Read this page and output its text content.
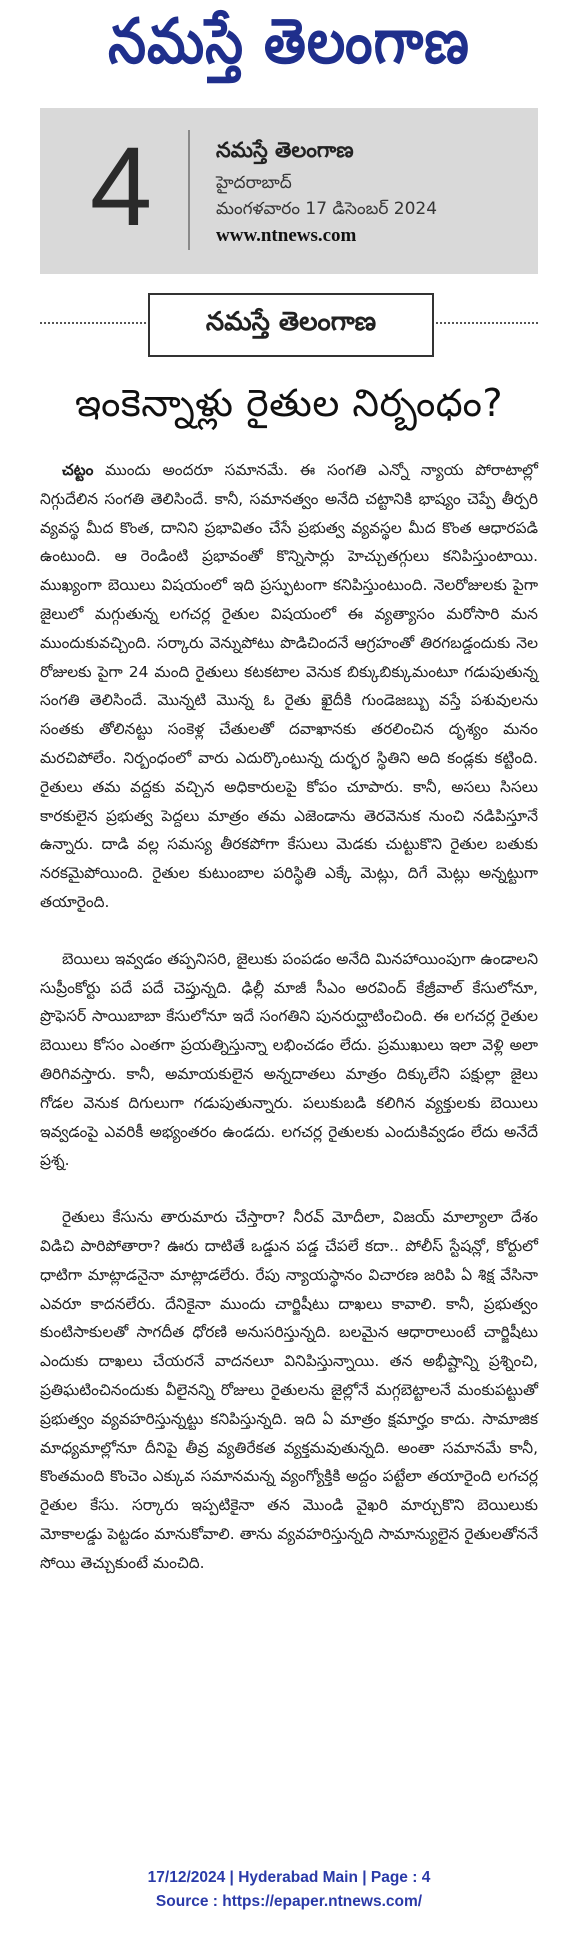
నమస్తే తెలంగాణ
4	నమస్తే తెలంగాణ
హైదరాబాద్
మంగళవారం 17 డిసెంబర్ 2024
www.ntnews.com
నమస్తే తెలంగాణ
ఇంకెన్నాళ్లు రైతుల నిర్బంధం?

చట్టం ముందు అందరూ సమానమే. ఈ సంగతి ఎన్నో న్యాయ పోరాటాల్లో నిగ్గుదేలిన సంగతి తెలిసిందే. కానీ, సమానత్వం అనేది చట్టానికి భాష్యం చెప్పే తీర్పరి వ్యవస్థ మీద కొంత, దానిని ప్రభావితం చేసే ప్రభుత్వ వ్యవస్థల మీద కొంత ఆధారపడి ఉంటుంది. ఆ రెండింటి ప్రభావంతో కొన్నిసార్లు హెచ్చుతగ్గులు కనిపిస్తుంటాయి. ముఖ్యంగా బెయిలు విషయంలో ఇది ప్రస్ఫుటంగా కనిపిస్తుంటుంది. నెలరోజులకు పైగా జైలులో మగ్గుతున్న లగచర్ల రైతుల విషయంలో ఈ వ్యత్యాసం మరోసారి మన ముందుకువచ్చింది. సర్కారు వెన్నుపోటు పొడిచిందనే ఆగ్రహంతో తిరగబడ్డందుకు నెల రోజులకు పైగా 24 మంది రైతులు కటకటాల వెనుక బిక్కుబిక్కుమంటూ గడుపుతున్న సంగతి తెలిసిందే. మొన్నటి మొన్న ఓ రైతు ఖైదీకి గుండెజబ్బు వస్తే పశువులను సంతకు తోలినట్టు సంకెళ్ల చేతులతో దవాఖానకు తరలించిన దృశ్యం మనం మరచిపోలేం. నిర్బంధంలో వారు ఎదుర్కొంటున్న దుర్భర స్థితిని అది కండ్లకు కట్టింది. రైతులు తమ వద్దకు వచ్చిన అధికారులపై కోపం చూపారు. కానీ, అసలు సిసలు కారకులైన ప్రభుత్వ పెద్దలు మాత్రం తమ ఎజెండాను తెరవెనుక నుంచి నడిపిస్తూనే ఉన్నారు. దాడి వల్ల సమస్య తీరకపోగా కేసులు మెడకు చుట్టుకొని రైతుల బతుకు నరకమైపోయింది. రైతుల కుటుంబాల పరిస్థితి ఎక్కే మెట్లు, దిగే మెట్లు అన్నట్టుగా తయారైంది.

బెయిలు ఇవ్వడం తప్పనిసరి, జైలుకు పంపడం అనేది మినహాయింపుగా ఉండాలని సుప్రీంకోర్టు పదే పదే చెప్తున్నది. ఢిల్లీ మాజీ సీఎం అరవింద్ కేజ్రీవాల్ కేసులోనూ, ప్రొఫెసర్ సాయిబాబా కేసులోనూ ఇదే సంగతిని పునరుద్ఘాటించింది. ఈ లగచర్ల రైతుల బెయిలు కోసం ఎంతగా ప్రయత్నిస్తున్నా లభించడం లేదు. ప్రముఖులు ఇలా వెళ్లి అలా తిరిగివస్తారు. కానీ, అమాయకులైన అన్నదాతలు మాత్రం దిక్కులేని పక్షుల్లా జైలు గోడల వెనుక దిగులుగా గడుపుతున్నారు. పలుకుబడి కలిగిన వ్యక్తులకు బెయిలు ఇవ్వడంపై ఎవరికీ అభ్యంతరం ఉండదు. లగచర్ల రైతులకు ఎందుకివ్వడం లేదు అనేదే ప్రశ్న.

రైతులు కేసును తారుమారు చేస్తారా? నీరవ్ మోదీలా, విజయ్ మాల్యాలా దేశం విడిచి పారిపోతారా? ఊరు దాటితే ఒడ్డున పడ్డ చేపలే కదా.. పోలీస్ స్టేషన్లో, కోర్టులో ధాటిగా మాట్లాడనైనా మాట్లాడలేరు. రేపు న్యాయస్థానం విచారణ జరిపి ఏ శిక్ష వేసినా ఎవరూ కాదనలేరు. దేనికైనా ముందు చార్జిషీటు దాఖలు కావాలి. కానీ, ప్రభుత్వం కుంటిసాకులతో సాగదీత ధోరణి అనుసరిస్తున్నది. బలమైన ఆధారాలుంటే చార్జిషీటు ఎందుకు దాఖలు చేయరనే వాదనలూ వినిపిస్తున్నాయి. తన అభీష్టాన్ని ప్రశ్నించి, ప్రతిఘటించినందుకు వీలైనన్ని రోజులు రైతులను జైల్లోనే మగ్గబెట్టాలనే మంకుపట్టుతో ప్రభుత్వం వ్యవహరిస్తున్నట్టు కనిపిస్తున్నది. ఇది ఏ మాత్రం క్షమార్హం కాదు. సామాజిక మాధ్యమాల్లోనూ దీనిపై తీవ్ర వ్యతిరేకత వ్యక్తమవుతున్నది. అంతా సమానమే కానీ, కొంతమంది కొంచెం ఎక్కువ సమానమన్న వ్యంగ్యోక్తికి అద్దం పట్టేలా తయారైంది లగచర్ల రైతుల కేసు. సర్కారు ఇప్పటికైనా తన మొండి వైఖరి మార్చుకొని బెయిలుకు మోకాలడ్డు పెట్టడం మానుకోవాలి. తాను వ్యవహరిస్తున్నది సామాన్యులైన రైతులతోననే సోయి తెచ్చుకుంటే మంచిది.

17/12/2024 | Hyderabad Main | Page : 4
Source : https://epaper.ntnews.com/
